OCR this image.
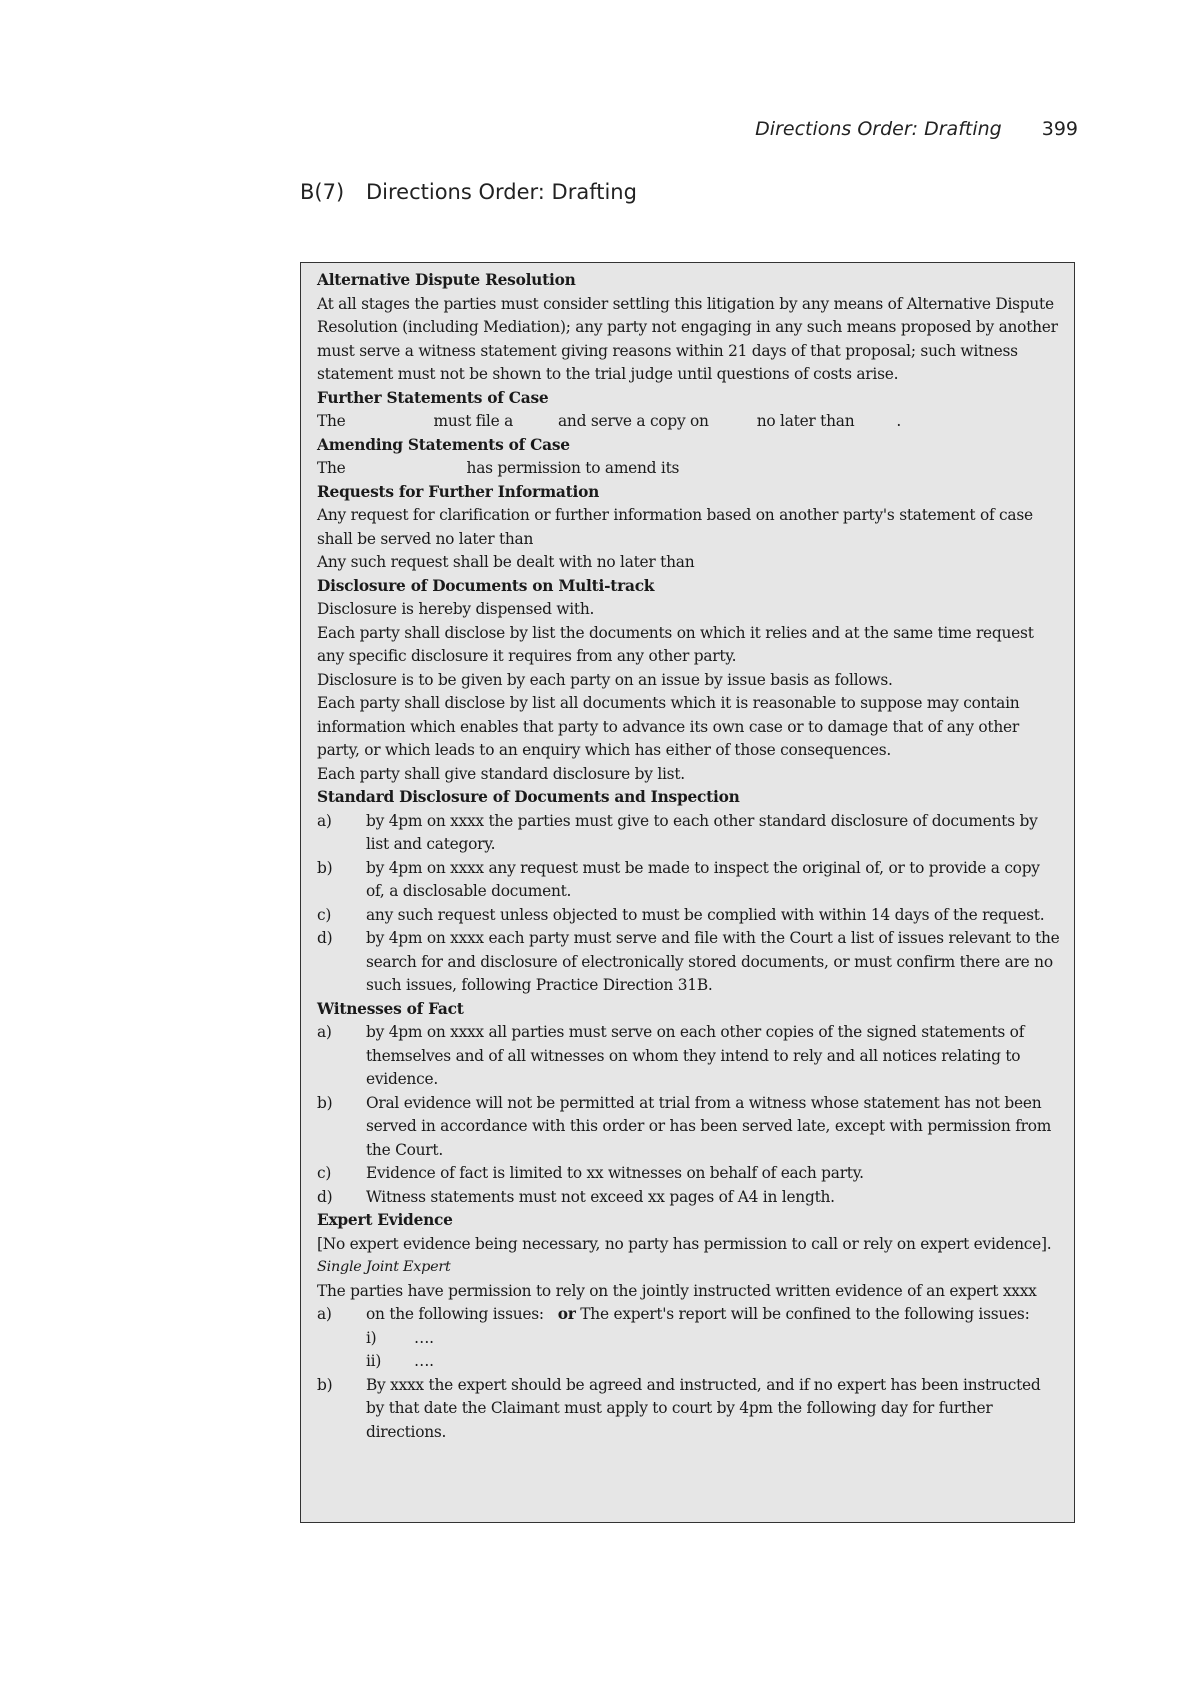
Directions Order: Drafting 399
B(7) Directions Order: Drafting
Alternative Dispute Resolution
At all stages the parties must consider settling this litigation by any means of Alternative Dispute Resolution (including Mediation); any party not engaging in any such means proposed by another must serve a witness statement giving reasons within 21 days of that proposal; such witness statement must not be shown to the trial judge until questions of costs arise.
Further Statements of Case
The	must file a	and serve a copy on	no later than	.
Amending Statements of Case
The	has permission to amend its
Requests for Further Information
Any request for clarification or further information based on another party's statement of case shall be served no later than
Any such request shall be dealt with no later than
Disclosure of Documents on Multi-track
Disclosure is hereby dispensed with.
Each party shall disclose by list the documents on which it relies and at the same time request any specific disclosure it requires from any other party.
Disclosure is to be given by each party on an issue by issue basis as follows.
Each party shall disclose by list all documents which it is reasonable to suppose may contain information which enables that party to advance its own case or to damage that of any other party, or which leads to an enquiry which has either of those consequences.
Each party shall give standard disclosure by list.
Standard Disclosure of Documents and Inspection
a)	by 4pm on xxxx the parties must give to each other standard disclosure of documents by list and category.
b)	by 4pm on xxxx any request must be made to inspect the original of, or to provide a copy of, a disclosable document.
c)	any such request unless objected to must be complied with within 14 days of the request.
d)	by 4pm on xxxx each party must serve and file with the Court a list of issues relevant to the search for and disclosure of electronically stored documents, or must confirm there are no such issues, following Practice Direction 31B.
Witnesses of Fact
a)	by 4pm on xxxx all parties must serve on each other copies of the signed statements of themselves and of all witnesses on whom they intend to rely and all notices relating to evidence.
b)	Oral evidence will not be permitted at trial from a witness whose statement has not been served in accordance with this order or has been served late, except with permission from the Court.
c)	Evidence of fact is limited to xx witnesses on behalf of each party.
d)	Witness statements must not exceed xx pages of A4 in length.
Expert Evidence
[No expert evidence being necessary, no party has permission to call or rely on expert evidence].
Single Joint Expert
The parties have permission to rely on the jointly instructed written evidence of an expert xxxx
a)	on the following issues: or The expert's report will be confined to the following issues:
i)	….
ii)	….
b)	By xxxx the expert should be agreed and instructed, and if no expert has been instructed by that date the Claimant must apply to court by 4pm the following day for further directions.
